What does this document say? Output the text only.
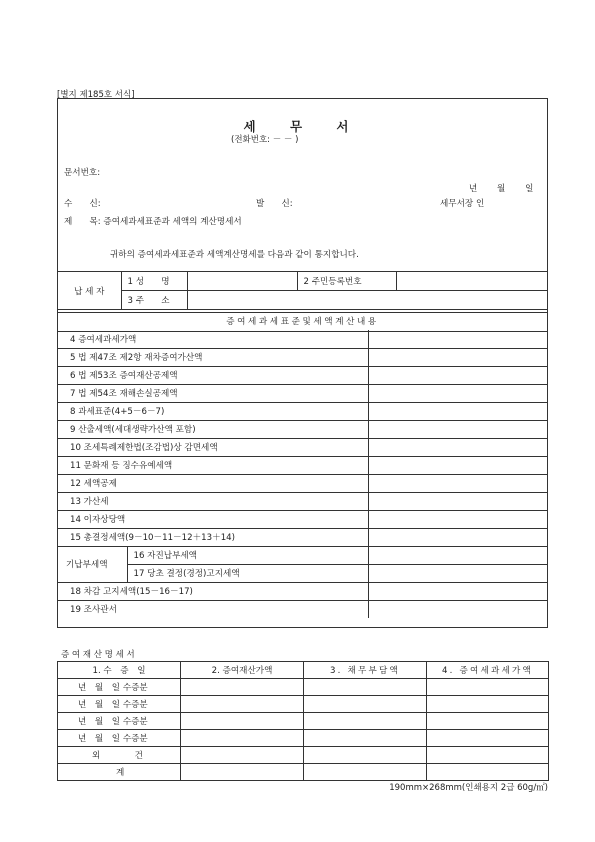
[별지 제185호 서식]
세 무 서
(전화번호: － － )
문서번호:
년 월 일
수　　신:	발　　신:	세무서장 인
제　　목: 증여세과세표준과 세액의 계산명세서
귀하의 증여세과세표준과 세액계산명세를 다음과 같이 통지합니다.
납 세 자	1 성　　명		2 주민등록번호	
	3 주　　소			
증여세과세표준및세액계산내용
4 증여세과세가액		
5 법 제47조 제2항 재차증여가산액		
6 법 제53조 증여재산공제액		
7 법 제54조 재해손실공제액		
8 과세표준(4+5－6－7)		
9 산출세액(세대생략가산액 포함)		
10 조세특례제한법(조감법)상 감면세액		
11 문화재 등 징수유예세액		
12 세액공제		
13 가산세		
14 이자상당액		
15 총결정세액(9－10－11－12＋13＋14)		
기납부세액	16 자진납부세액	
	17 당초 결정(경정)고지세액	
18 차감 고지세액(15－16－17)		
19 조사관서		
증여재산명세서
1. 수　증　일	2. 증여재산가액	3. 채무부담액	4. 증여세과세가액
년　월　일 수증분			
년　월　일 수증분			
년　월　일 수증분			
년　월　일 수증분			
외　　　　건			
계			
190mm×268mm(인쇄용지 2급 60g/㎡)
